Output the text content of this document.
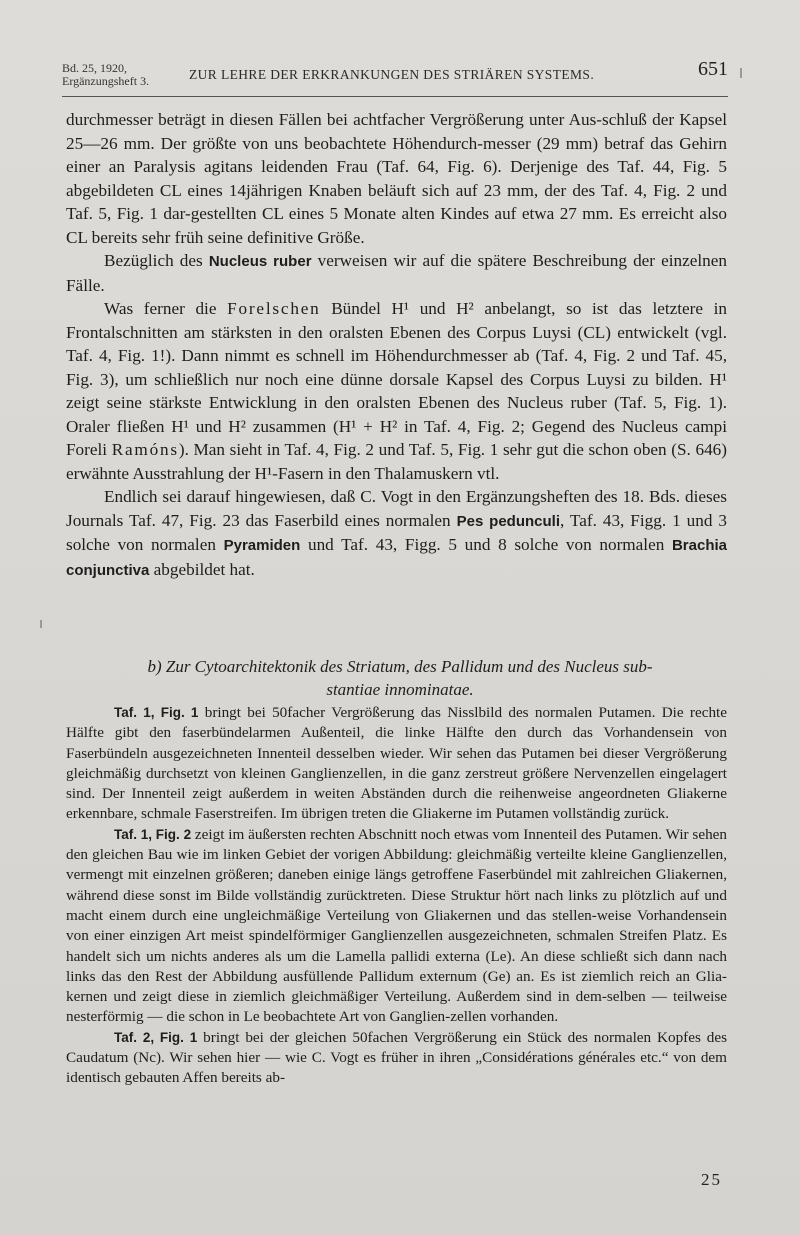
Bd. 25, 1920,
Ergänzungsheft 3.	ZUR LEHRE DER ERKRANKUNGEN DES STRIÄREN SYSTEMS.	651

durchmesser beträgt in diesen Fällen bei achtfacher Vergrößerung unter Aus-schluß der Kapsel 25—26 mm. Der größte von uns beobachtete Höhendurch-messer (29 mm) betraf das Gehirn einer an Paralysis agitans leidenden Frau (Taf. 64, Fig. 6). Derjenige des Taf. 44, Fig. 5 abgebildeten CL eines 14jährigen Knaben beläuft sich auf 23 mm, der des Taf. 4, Fig. 2 und Taf. 5, Fig. 1 dar-gestellten CL eines 5 Monate alten Kindes auf etwa 27 mm. Es erreicht also CL bereits sehr früh seine definitive Größe.

Bezüglich des Nucleus ruber verweisen wir auf die spätere Beschreibung der einzelnen Fälle.

Was ferner die Forelschen Bündel H¹ und H² anbelangt, so ist das letztere in Frontalschnitten am stärksten in den oralsten Ebenen des Corpus Luysi (CL) entwickelt (vgl. Taf. 4, Fig. 1!). Dann nimmt es schnell im Höhendurchmesser ab (Taf. 4, Fig. 2 und Taf. 45, Fig. 3), um schließlich nur noch eine dünne dorsale Kapsel des Corpus Luysi zu bilden. H¹ zeigt seine stärkste Entwicklung in den oralsten Ebenen des Nucleus ruber (Taf. 5, Fig. 1). Oraler fließen H¹ und H² zusammen (H¹ + H² in Taf. 4, Fig. 2; Gegend des Nucleus campi Foreli Ramóns). Man sieht in Taf. 4, Fig. 2 und Taf. 5, Fig. 1 sehr gut die schon oben (S. 646) erwähnte Ausstrahlung der H¹-Fasern in den Thalamuskern vtl.

Endlich sei darauf hingewiesen, daß C. Vogt in den Ergänzungsheften des 18. Bds. dieses Journals Taf. 47, Fig. 23 das Faserbild eines normalen Pes pedunculi, Taf. 43, Figg. 1 und 3 solche von normalen Pyramiden und Taf. 43, Figg. 5 und 8 solche von normalen Brachia conjunctiva abgebildet hat.

b) Zur Cytoarchitektonik des Striatum, des Pallidum und des Nucleus sub-
stantiae innominatae.

Taf. 1, Fig. 1 bringt bei 50facher Vergrößerung das Nisslbild des normalen Putamen. Die rechte Hälfte gibt den faserbündelarmen Außenteil, die linke Hälfte den durch das Vorhandensein von Faserbündeln ausgezeichneten Innenteil desselben wieder. Wir sehen das Putamen bei dieser Vergrößerung gleichmäßig durchsetzt von kleinen Ganglienzellen, in die ganz zerstreut größere Nervenzellen eingelagert sind. Der Innenteil zeigt außerdem in weiten Abständen durch die reihenweise angeordneten Gliakerne erkennbare, schmale Faserstreifen. Im übrigen treten die Gliakerne im Putamen vollständig zurück.

Taf. 1, Fig. 2 zeigt im äußersten rechten Abschnitt noch etwas vom Innenteil des Putamen. Wir sehen den gleichen Bau wie im linken Gebiet der vorigen Abbildung: gleichmäßig verteilte kleine Ganglienzellen, vermengt mit einzelnen größeren; daneben einige längs getroffene Faserbündel mit zahlreichen Gliakernen, während diese sonst im Bilde vollständig zurücktreten. Diese Struktur hört nach links zu plötzlich auf und macht einem durch eine ungleichmäßige Verteilung von Gliakernen und das stellen-weise Vorhandensein von einer einzigen Art meist spindelförmiger Ganglienzellen ausgezeichneten, schmalen Streifen Platz. Es handelt sich um nichts anderes als um die Lamella pallidi externa (Le). An diese schließt sich dann nach links das den Rest der Abbildung ausfüllende Pallidum externum (Ge) an. Es ist ziemlich reich an Glia-kernen und zeigt diese in ziemlich gleichmäßiger Verteilung. Außerdem sind in dem-selben — teilweise nesterförmig — die schon in Le beobachtete Art von Ganglien-zellen vorhanden.

Taf. 2, Fig. 1 bringt bei der gleichen 50fachen Vergrößerung ein Stück des normalen Kopfes des Caudatum (Nc). Wir sehen hier — wie C. Vogt es früher in ihren „Considérations générales etc.“ von dem identisch gebauten Affen bereits ab-

25
